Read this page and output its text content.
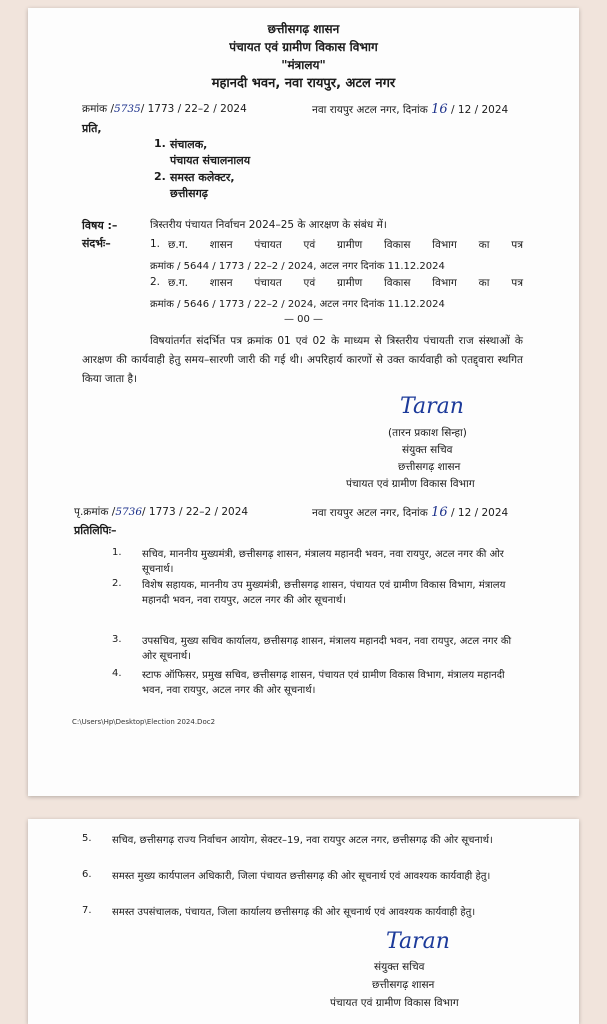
छत्तीसगढ़ शासन
पंचायत एवं ग्रामीण विकास विभाग
"मंत्रालय"
महानदी भवन, नवा रायपुर, अटल नगर
क्रमांक /5735/ 1773 / 22–2 / 2024	नवा रायपुर अटल नगर, दिनांक 16 / 12 / 2024
प्रति,
1. संचालक,
पंचायत संचालनालय
2. समस्त कलेक्टर,
छत्तीसगढ़
विषय :–	त्रिस्तरीय पंचायत निर्वाचन 2024–25 के आरक्षण के संबंध में।
संदर्भः–	1. छ.ग. शासन पंचायत एवं ग्रामीण विकास विभाग का पत्र
क्रमांक / 5644 / 1773 / 22–2 / 2024, अटल नगर दिनांक 11.12.2024
2. छ.ग. शासन पंचायत एवं ग्रामीण विकास विभाग का पत्र
क्रमांक / 5646 / 1773 / 22–2 / 2024, अटल नगर दिनांक 11.12.2024
— 00 —
विषयांतर्गत संदर्भित पत्र क्रमांक 01 एवं 02 के माध्यम से त्रिस्तरीय पंचायती राज संस्थाओं के आरक्षण की कार्यवाही हेतु समय–सारणी जारी की गई थी। अपरिहार्य कारणों से उक्त कार्यवाही को एतद्द्वारा स्थगित किया जाता है।
Taran
(तारन प्रकाश सिन्हा)
संयुक्त सचिव
छत्तीसगढ़ शासन
पंचायत एवं ग्रामीण विकास विभाग
पृ.क्रमांक /5736/ 1773 / 22–2 / 2024	नवा रायपुर अटल नगर, दिनांक 16 / 12 / 2024
प्रतिलिपिः–
1. सचिव, माननीय मुख्यमंत्री, छत्तीसगढ़ शासन, मंत्रालय महानदी भवन, नवा रायपुर, अटल नगर की ओर सूचनार्थ।
2. विशेष सहायक, माननीय उप मुख्यमंत्री, छत्तीसगढ़ शासन, पंचायत एवं ग्रामीण विकास विभाग, मंत्रालय महानदी भवन, नवा रायपुर, अटल नगर की ओर सूचनार्थ।
3. उपसचिव, मुख्य सचिव कार्यालय, छत्तीसगढ़ शासन, मंत्रालय महानदी भवन, नवा रायपुर, अटल नगर की ओर सूचनार्थ।
4. स्टाफ ऑफिसर, प्रमुख सचिव, छत्तीसगढ़ शासन, पंचायत एवं ग्रामीण विकास विभाग, मंत्रालय महानदी भवन, नवा रायपुर, अटल नगर की ओर सूचनार्थ।
C:\Users\Hp\Desktop\Election 2024.Doc2
5. सचिव, छत्तीसगढ़ राज्य निर्वाचन आयोग, सेक्टर–19, नवा रायपुर अटल नगर, छत्तीसगढ़ की ओर सूचनार्थ।
6. समस्त मुख्य कार्यपालन अधिकारी, जिला पंचायत छत्तीसगढ़ की ओर सूचनार्थ एवं आवश्यक कार्यवाही हेतु।
7. समस्त उपसंचालक, पंचायत, जिला कार्यालय छत्तीसगढ़ की ओर सूचनार्थ एवं आवश्यक कार्यवाही हेतु।
Taran
संयुक्त सचिव
छत्तीसगढ़ शासन
पंचायत एवं ग्रामीण विकास विभाग
